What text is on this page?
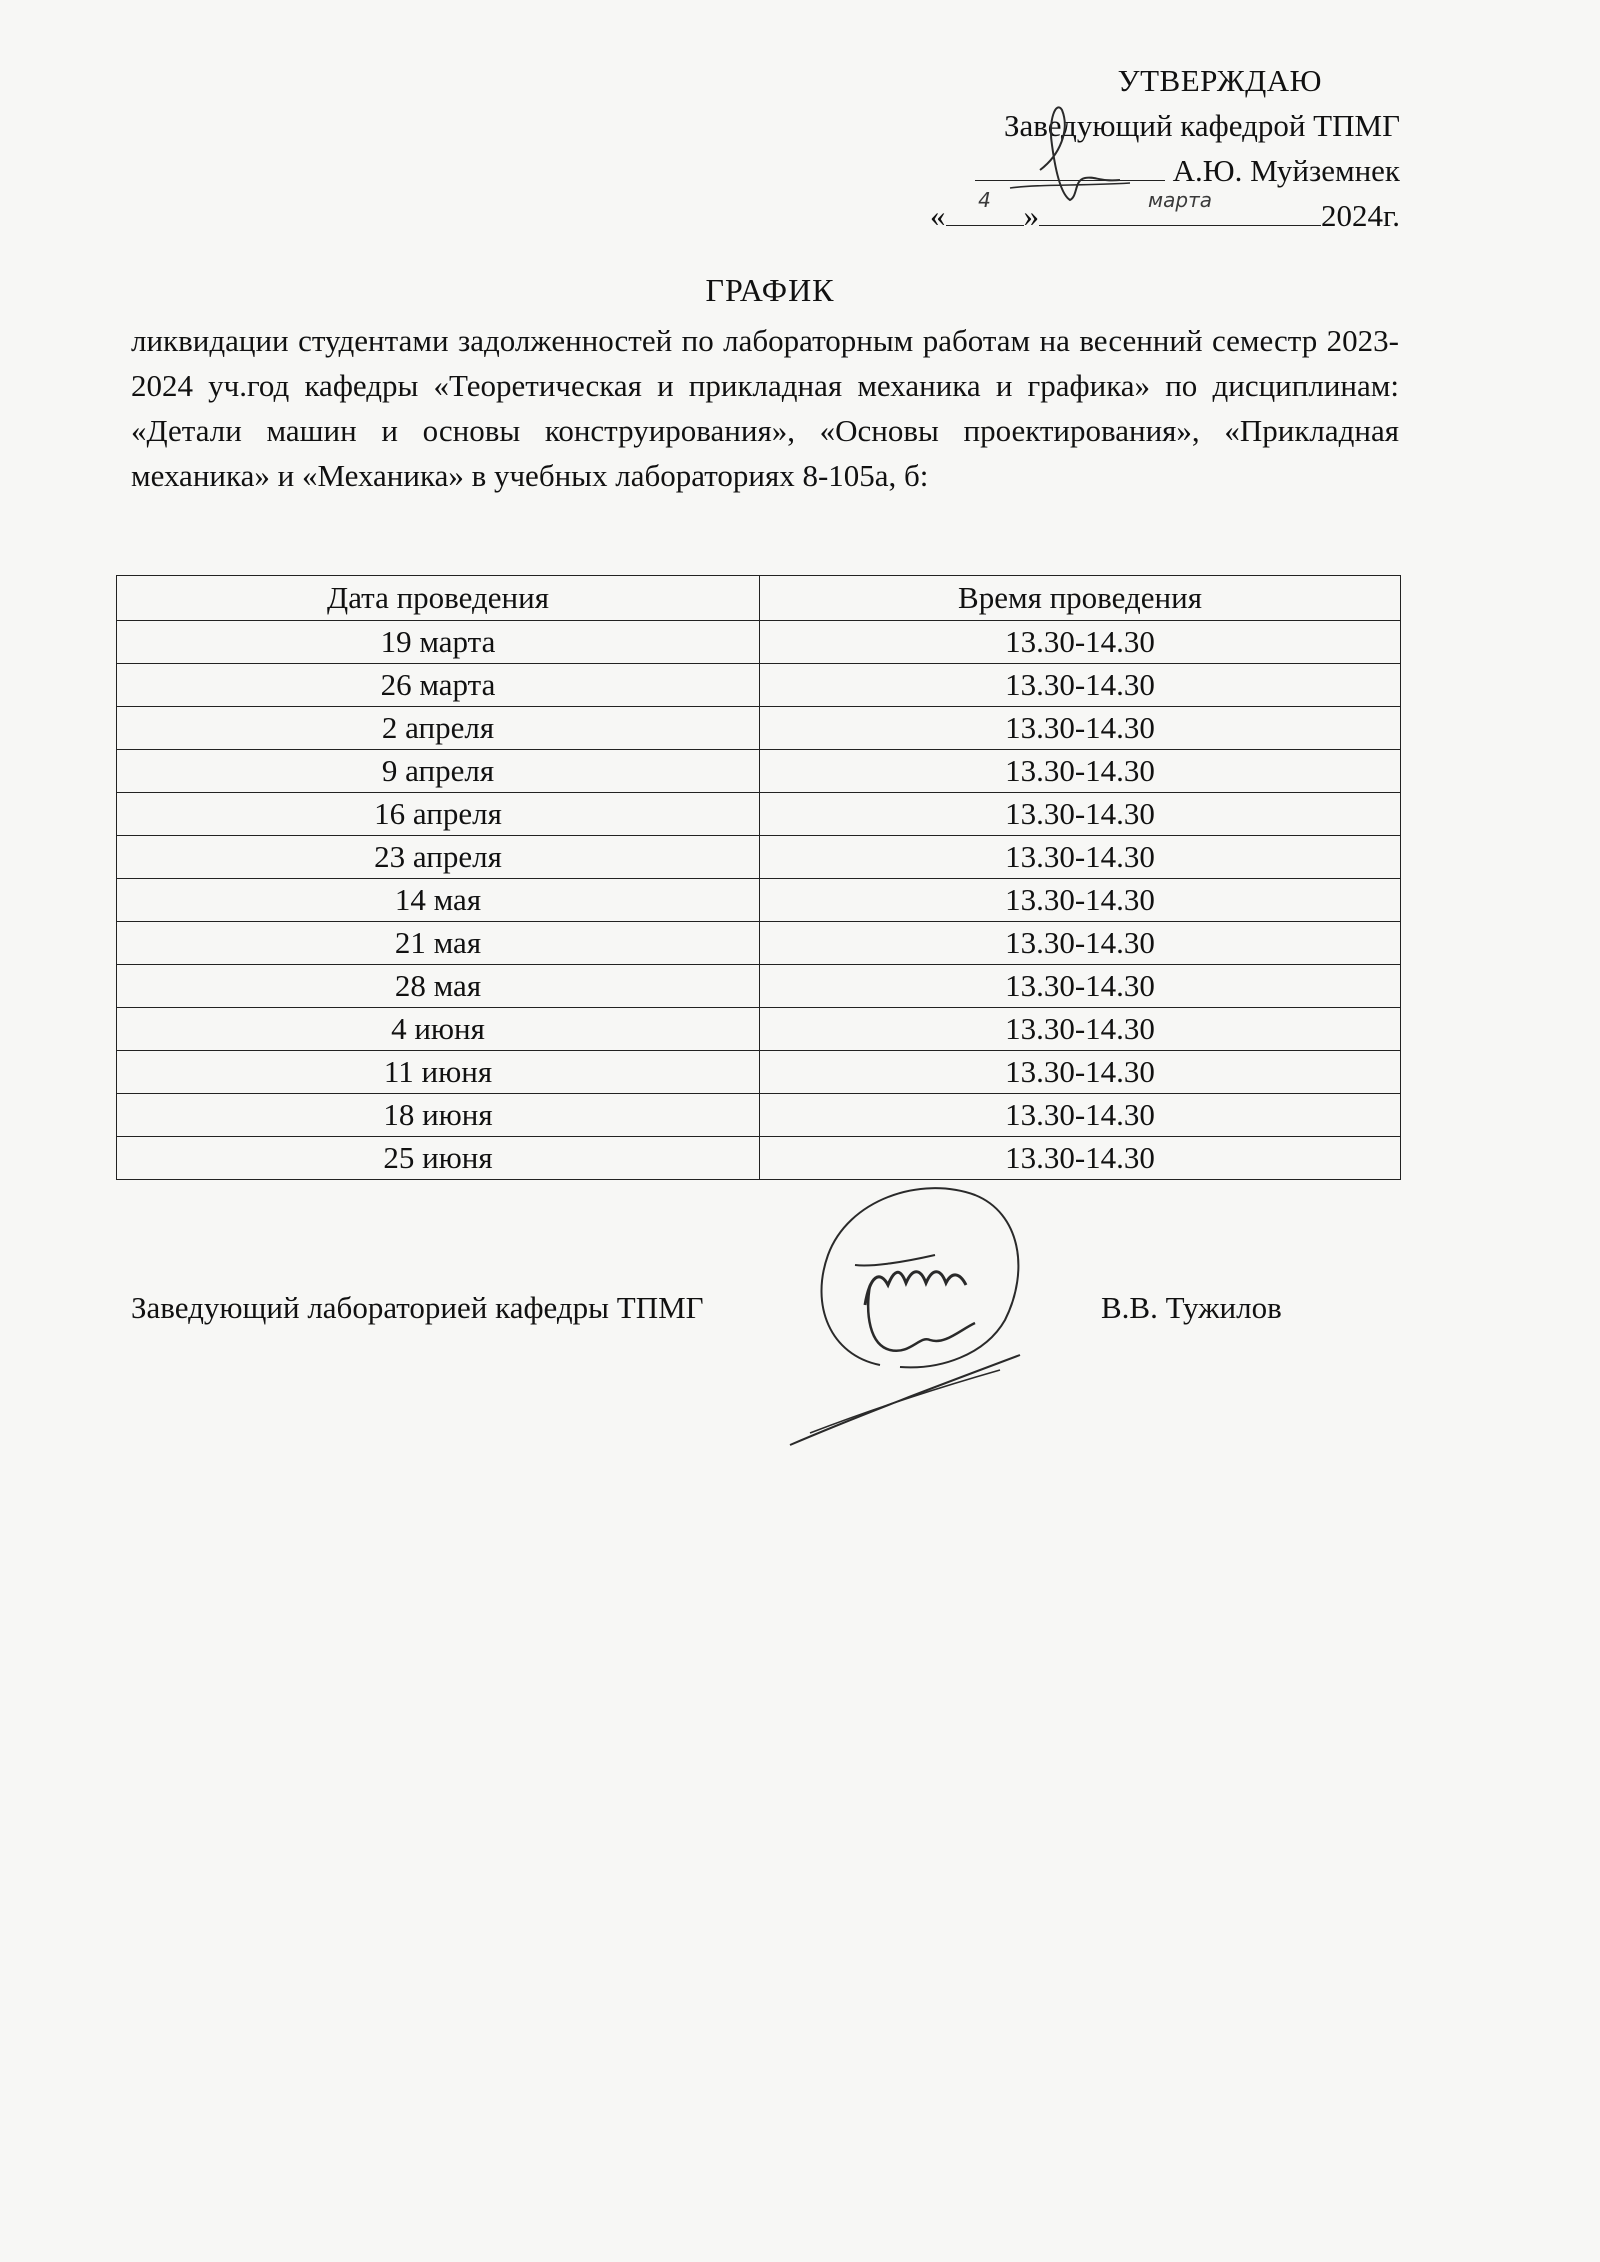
УТВЕРЖДАЮ
Заведующий кафедрой ТПМГ
А.Ю. Муйземнек
« 4 »	марта	2024г.
ГРАФИК
ликвидации студентами задолженностей по лабораторным работам на весенний семестр 2023-2024 уч.год кафедры «Теоретическая и прикладная механика и графика» по дисциплинам: «Детали машин и основы конструирования», «Основы проектирования», «Прикладная механика» и «Механика» в учебных лабораториях 8-105а, б:
Дата проведения	Время проведения
19 марта	13.30-14.30
26 марта	13.30-14.30
2 апреля	13.30-14.30
9 апреля	13.30-14.30
16 апреля	13.30-14.30
23 апреля	13.30-14.30
14 мая	13.30-14.30
21 мая	13.30-14.30
28 мая	13.30-14.30
4 июня	13.30-14.30
11 июня	13.30-14.30
18 июня	13.30-14.30
25 июня	13.30-14.30
Заведующий лабораторией кафедры ТПМГ	В.В. Тужилов
